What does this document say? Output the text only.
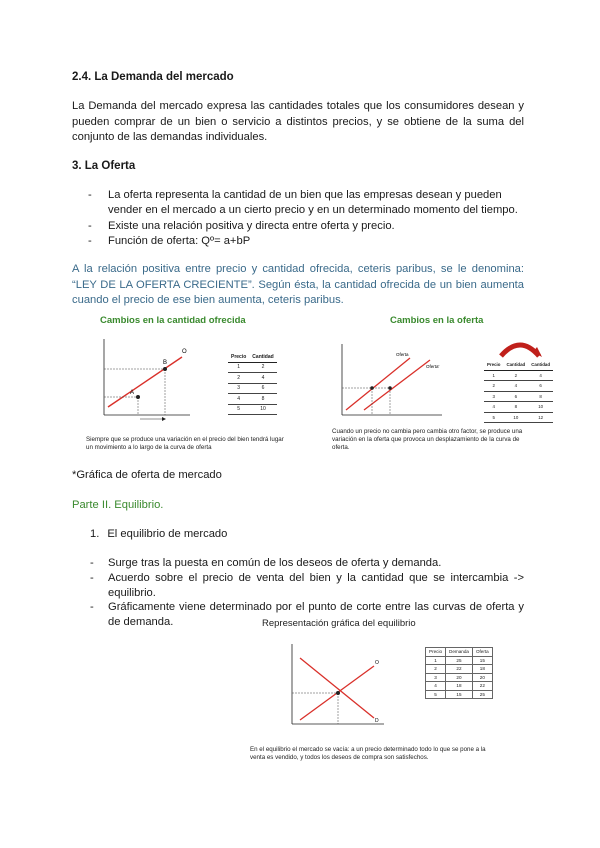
2.4. La Demanda del mercado
La Demanda del mercado expresa las cantidades totales que los consumidores desean y pueden comprar de un bien o servicio a distintos precios, y se obtiene de la suma del conjunto de las demandas individuales.
3. La Oferta
- La oferta representa la cantidad de un bien que las empresas desean y pueden vender en el mercado a un cierto precio y en un determinado momento del tiempo.
- Existe una relación positiva y directa entre oferta y precio.
- Función de oferta: Qº= a+bP
A la relación positiva entre precio y cantidad ofrecida, ceteris paribus, se le denomina: “LEY DE LA OFERTA CRECIENTE”. Según ésta, la cantidad ofrecida de un bien aumenta cuando el precio de ese bien aumenta, ceteris paribus.
Cambios en la cantidad ofrecida
A
B
O
Precio	Cantidad
1	2
2	4
3	6
4	8
5	10
Siempre que se produce una variación en el precio del bien tendrá lugar un movimiento a lo largo de la curva de oferta
Cambios en la oferta
Oferta
Oferta'	Precio	Cantidad	Cantidad
1	2	4
2	4	6
3	6	8
4	8	10
5	10	12
Cuando un precio no cambia pero cambia otro factor, se produce una variación en la oferta que provoca un desplazamiento de la curva de oferta.
*Gráfica de oferta de mercado
Parte II. Equilibrio.
1. El equilibrio de mercado
- Surge tras la puesta en común de los deseos de oferta y demanda.
- Acuerdo sobre el precio de venta del bien y la cantidad que se intercambia -> equilibrio.
- Gráficamente viene determinado por el punto de corte entre las curvas de oferta y de demanda.	Representación gráfica del equilibrio
O
D
Precio	Demanda	Oferta
1	25	15
2	22	18
3	20	20
4	18	22
5	15	25
En el equilibrio el mercado se vacía: a un precio determinado todo lo que se pone a la venta es vendido, y todos los deseos de compra son satisfechos.
